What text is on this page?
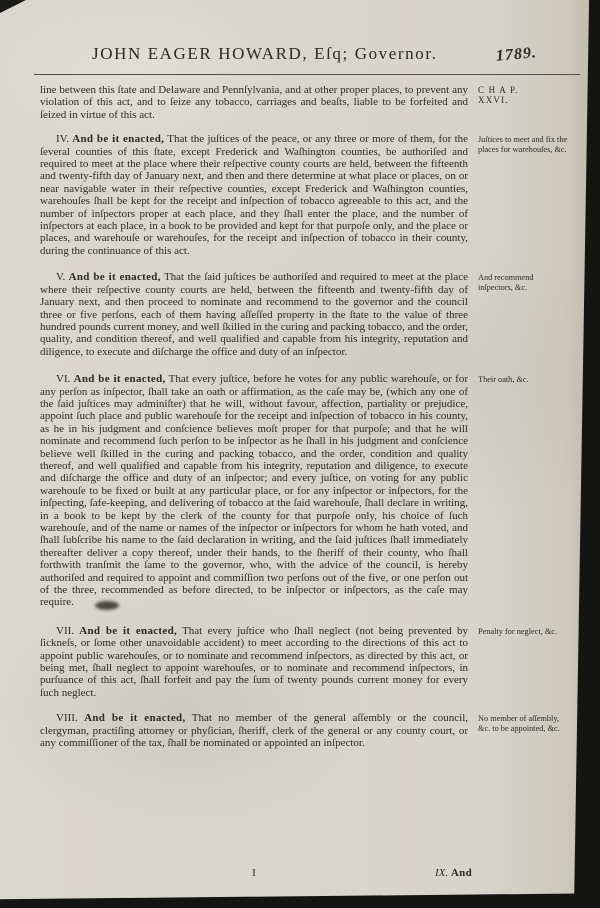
JOHN EAGER HOWARD, Eſq; Governor.	1789.

line between this ſtate and Delaware and Pennſylvania, and at other proper places, to prevent any violation of this act, and to ſeize any tobacco, carriages and beaſts, liable to be forfeited and ſeized in virtue of this act.

C H A P.
XXVI.

IV. And be it enacted, That the juſtices of the peace, or any three or more of them, for the ſeveral counties of this ſtate, except Frederick and Waſhington counties, be authoriſed and required to meet at the place where their reſpective county courts are held, between the fifteenth and twenty-fifth day of January next, and then and there determine at what place or places, on or near navigable water in their reſpective counties, except Frederick and Waſhington counties, warehouſes ſhall be kept for the receipt and inſpection of tobacco agreeable to this act, and the number of inſpectors proper at each place, and they ſhall enter the place, and the number of inſpectors at each place, in a book to be provided and kept for that purpoſe only, and the place or places, and warehouſe or warehouſes, for the receipt and inſpection of tobacco in their county, during the continuance of this act.

Juſtices to meet and fix the places for warehouſes, &c.

V. And be it enacted, That the ſaid juſtices be authoriſed and required to meet at the place where their reſpective county courts are held, between the fifteenth and twenty-fifth day of January next, and then proceed to nominate and recommend to the governor and the council three or five perſons, each of them having aſſeſſed property in the ſtate to the value of three hundred pounds current money, and well ſkilled in the curing and packing tobacco, and the order, quality, and condition thereof, and well qualified and capable from his integrity, reputation and diligence, to execute and diſcharge the office and duty of an inſpector.

And recommend inſpectors, &c.

VI. And be it enacted, That every juſtice, before he votes for any public warehouſe, or for any perſon as inſpector, ſhall take an oath or affirmation, as the caſe may be, (which any one of the ſaid juſtices may adminiſter) that he will, without favour, affection, partiality or prejudice, appoint ſuch place and public warehouſe for the receipt and inſpection of tobacco in his county, as he in his judgment and conſcience believes moſt proper for that purpoſe; and that he will nominate and recommend ſuch perſon to be inſpector as he ſhall in his judgment and conſcience believe well ſkilled in the curing and packing tobacco, and the order, condition and quality thereof, and well qualified and capable from his integrity, reputation and diligence, to execute and diſcharge the office and duty of an inſpector; and every juſtice, on voting for any public warehouſe to be fixed or built at any particular place, or for any inſpector or inſpectors, for the inſpecting, ſafe-keeping, and delivering of tobacco at the ſaid warehouſe, ſhall declare in writing, in a book to be kept by the clerk of the county for that purpoſe only, his choice of ſuch warehouſe, and of the name or names of the inſpector or inſpectors for whom he hath voted, and ſhall ſubſcribe his name to the ſaid declaration in writing, and the ſaid juſtices ſhall immediately thereafter deliver a copy thereof, under their hands, to the ſheriff of their county, who ſhall forthwith tranſmit the ſame to the governor, who, with the advice of the council, is hereby authoriſed and required to appoint and commiſſion two perſons out of the five, or one perſon out of the three, recommended as before directed, to be inſpector or inſpectors, as the caſe may require.

Their oath, &c.

VII. And be it enacted, That every juſtice who ſhall neglect (not being prevented by ſickneſs, or ſome other unavoidable accident) to meet according to the directions of this act to appoint public warehouſes, or to nominate and recommend inſpectors, as directed by this act, or being met, ſhall neglect to appoint warehouſes, or to nominate and recommend inſpectors, in purſuance of this act, ſhall forfeit and pay the ſum of twenty pounds current money for every ſuch neglect.

Penalty for neglect, &c.

VIII. And be it enacted, That no member of the general aſſembly or the council, clergyman, practiſing attorney or phyſician, ſheriff, clerk of the general or any county court, or any commiſſioner of the tax, ſhall be nominated or appointed an inſpector.

No member of aſſembly, &c. to be appointed, &c.
I	IX. And
